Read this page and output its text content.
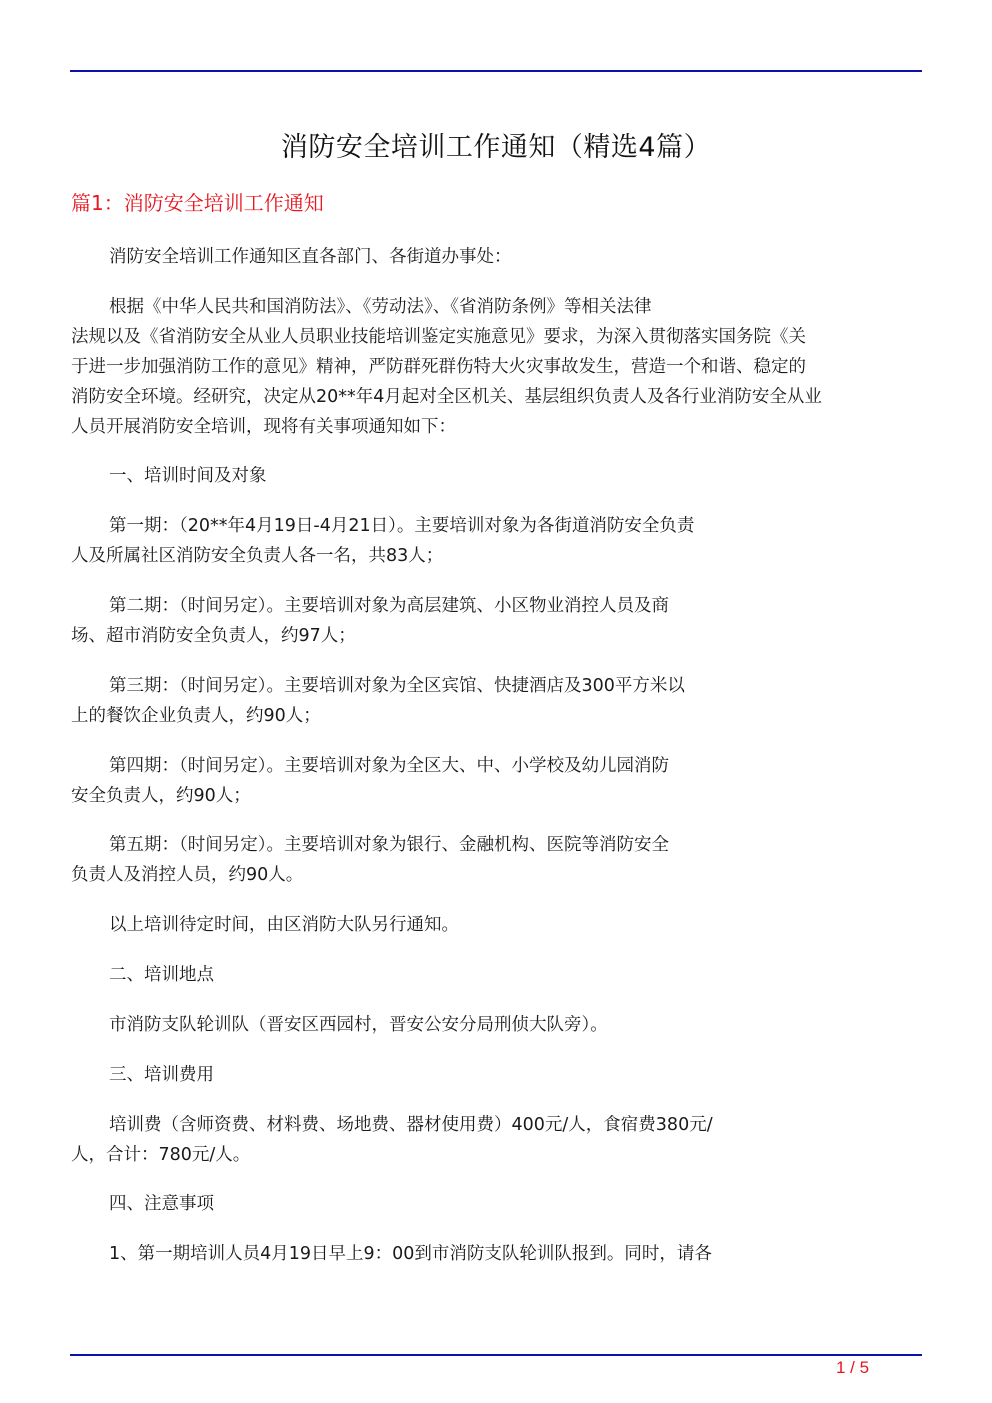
消防安全培训工作通知（精选4篇）
篇1：消防安全培训工作通知
消防安全培训工作通知区直各部门、各街道办事处：
根据《中华人民共和国消防法》、《劳动法》、《省消防条例》等相关法律
法规以及《省消防安全从业人员职业技能培训鉴定实施意见》要求，为深入贯彻落实国务院《关
于进一步加强消防工作的意见》精神，严防群死群伤特大火灾事故发生，营造一个和谐、稳定的
消防安全环境。经研究，决定从20**年4月起对全区机关、基层组织负责人及各行业消防安全从业
人员开展消防安全培训，现将有关事项通知如下：
一、培训时间及对象
第一期：（20**年4月19日-4月21日）。主要培训对象为各街道消防安全负责
人及所属社区消防安全负责人各一名，共83人；
第二期：（时间另定）。主要培训对象为高层建筑、小区物业消控人员及商
场、超市消防安全负责人，约97人；
第三期：（时间另定）。主要培训对象为全区宾馆、快捷酒店及300平方米以
上的餐饮企业负责人，约90人；
第四期：（时间另定）。主要培训对象为全区大、中、小学校及幼儿园消防
安全负责人，约90人；
第五期：（时间另定）。主要培训对象为银行、金融机构、医院等消防安全
负责人及消控人员，约90人。
以上培训待定时间，由区消防大队另行通知。
二、培训地点
市消防支队轮训队（晋安区西园村，晋安公安分局刑侦大队旁）。
三、培训费用
培训费（含师资费、材料费、场地费、器材使用费）400元/人，食宿费380元/
人，合计：780元/人。
四、注意事项
1、第一期培训人员4月19日早上9：00到市消防支队轮训队报到。同时，请各
1 / 5
